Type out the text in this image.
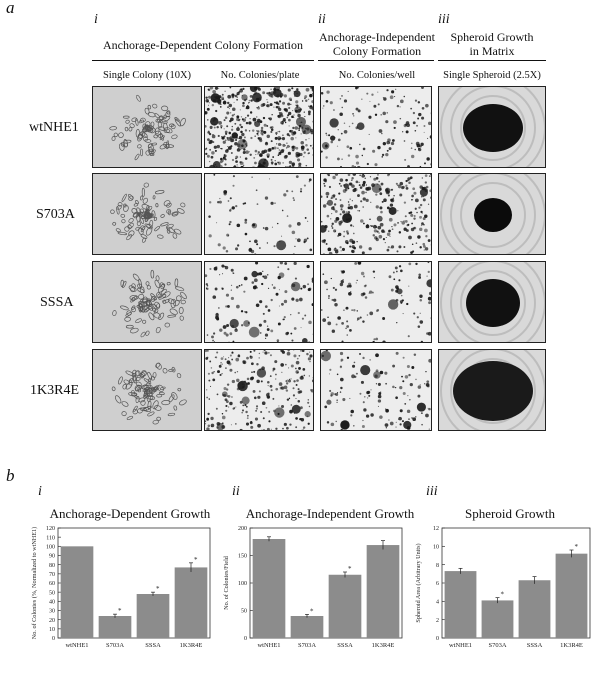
a
i	ii	iii
Anchorage-Dependent Colony Formation
Anchorage-Independent
Colony Formation
Spheroid Growth
in Matrix
Single Colony (10X)	No. Colonies/plate	No. Colonies/well	Single Spheroid (2.5X)
wtNHE1
S703A
SSSA
1K3R4E
b
i	ii	iii
Anchorage-Dependent Growth	Anchorage-Independent Growth	Spheroid Growth
0
10
20
30
40
50
60
70
80
90
100
110
120
No. of Colonies (%, Normalized to wtNHE1)
wtNHE1
*
S703A
*
SSSA
*
1K3R4E
0
50
100
150
200
No. of Colonies/Field
wtNHE1
*
S703A
*
SSSA	1K3R4E
0
2
4
6
8
10
12
Spheroid Area (Arbitrary Units)
wtNHE1
*
S703A	SSSA
*
1K3R4E
